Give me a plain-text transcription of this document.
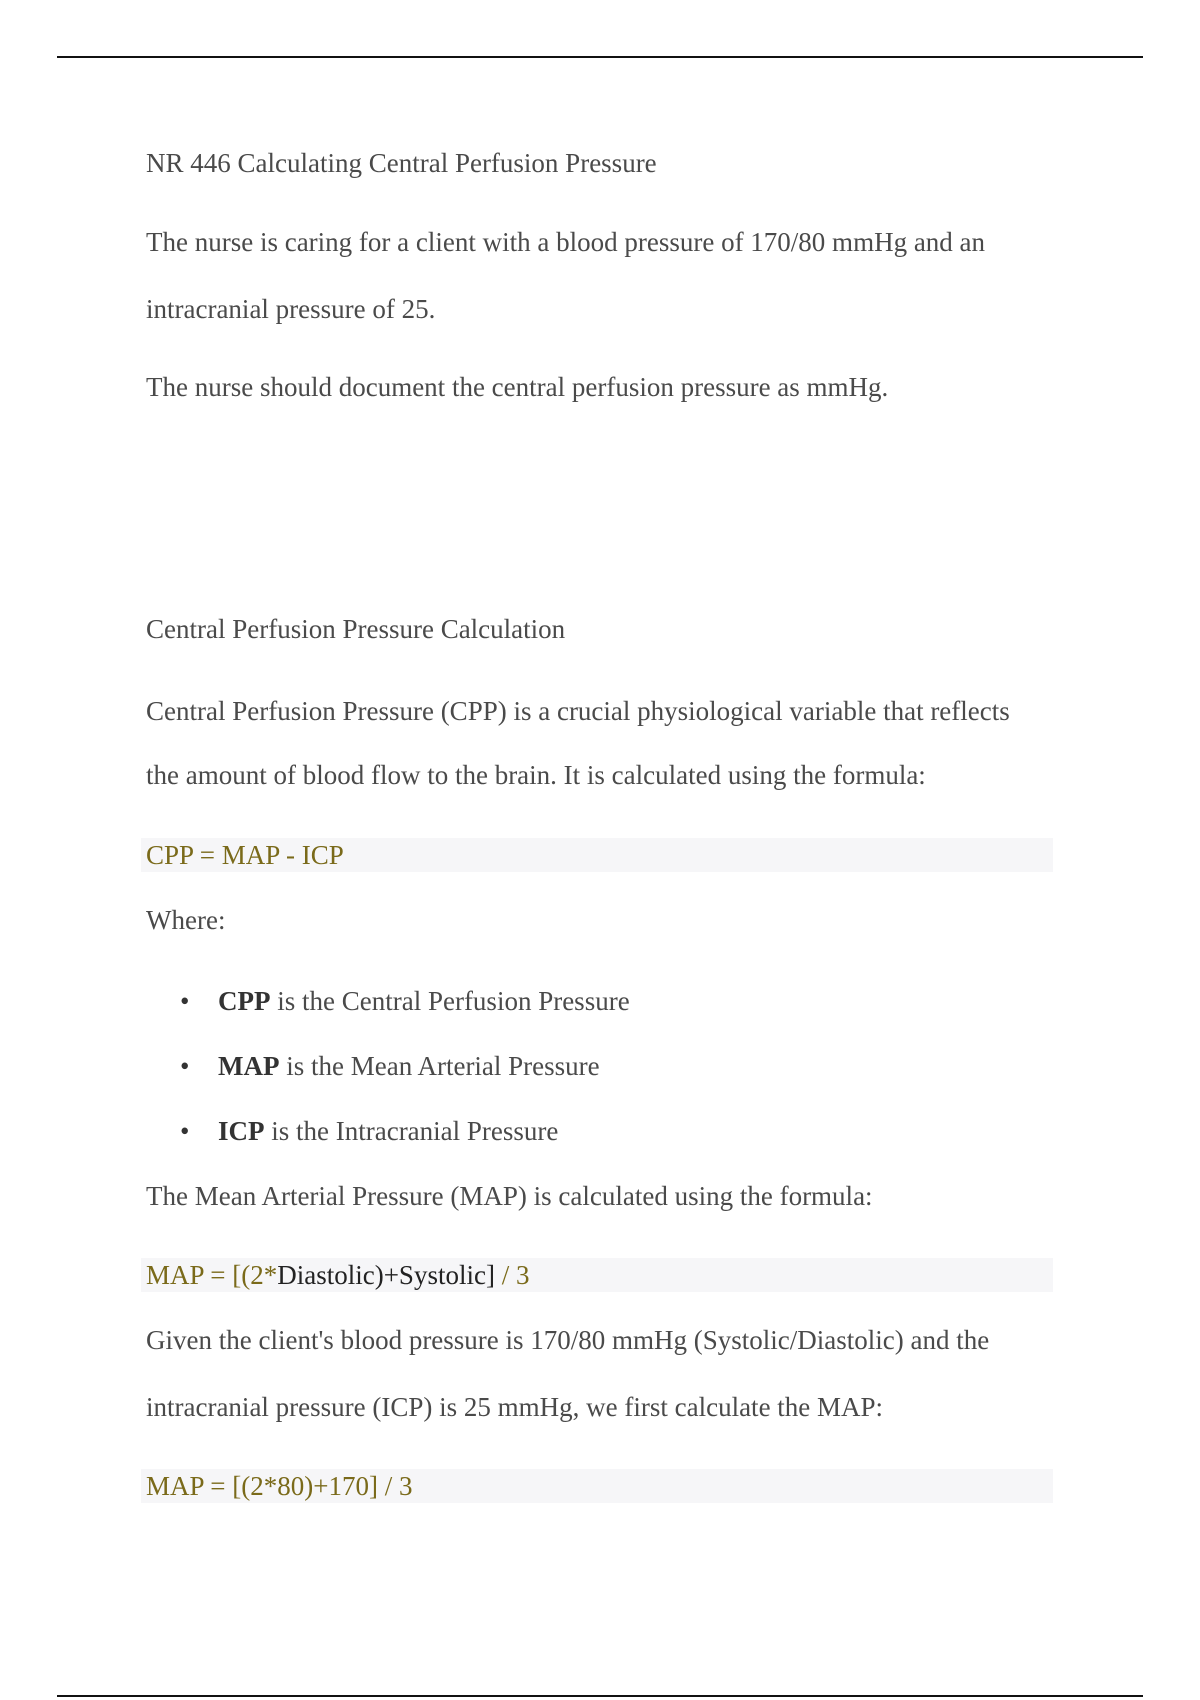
NR 446 Calculating Central Perfusion Pressure
The nurse is caring for a client with a blood pressure of 170/80 mmHg and an
intracranial pressure of 25.
The nurse should document the central perfusion pressure as mmHg.
Central Perfusion Pressure Calculation
Central Perfusion Pressure (CPP) is a crucial physiological variable that reflects
the amount of blood flow to the brain. It is calculated using the formula:
CPP = MAP - ICP
Where:
• CPP is the Central Perfusion Pressure
• MAP is the Mean Arterial Pressure
• ICP is the Intracranial Pressure
The Mean Arterial Pressure (MAP) is calculated using the formula:
MAP = [(2*Diastolic)+Systolic] / 3
Given the client's blood pressure is 170/80 mmHg (Systolic/Diastolic) and the
intracranial pressure (ICP) is 25 mmHg, we first calculate the MAP:
MAP = [(2*80)+170] / 3
